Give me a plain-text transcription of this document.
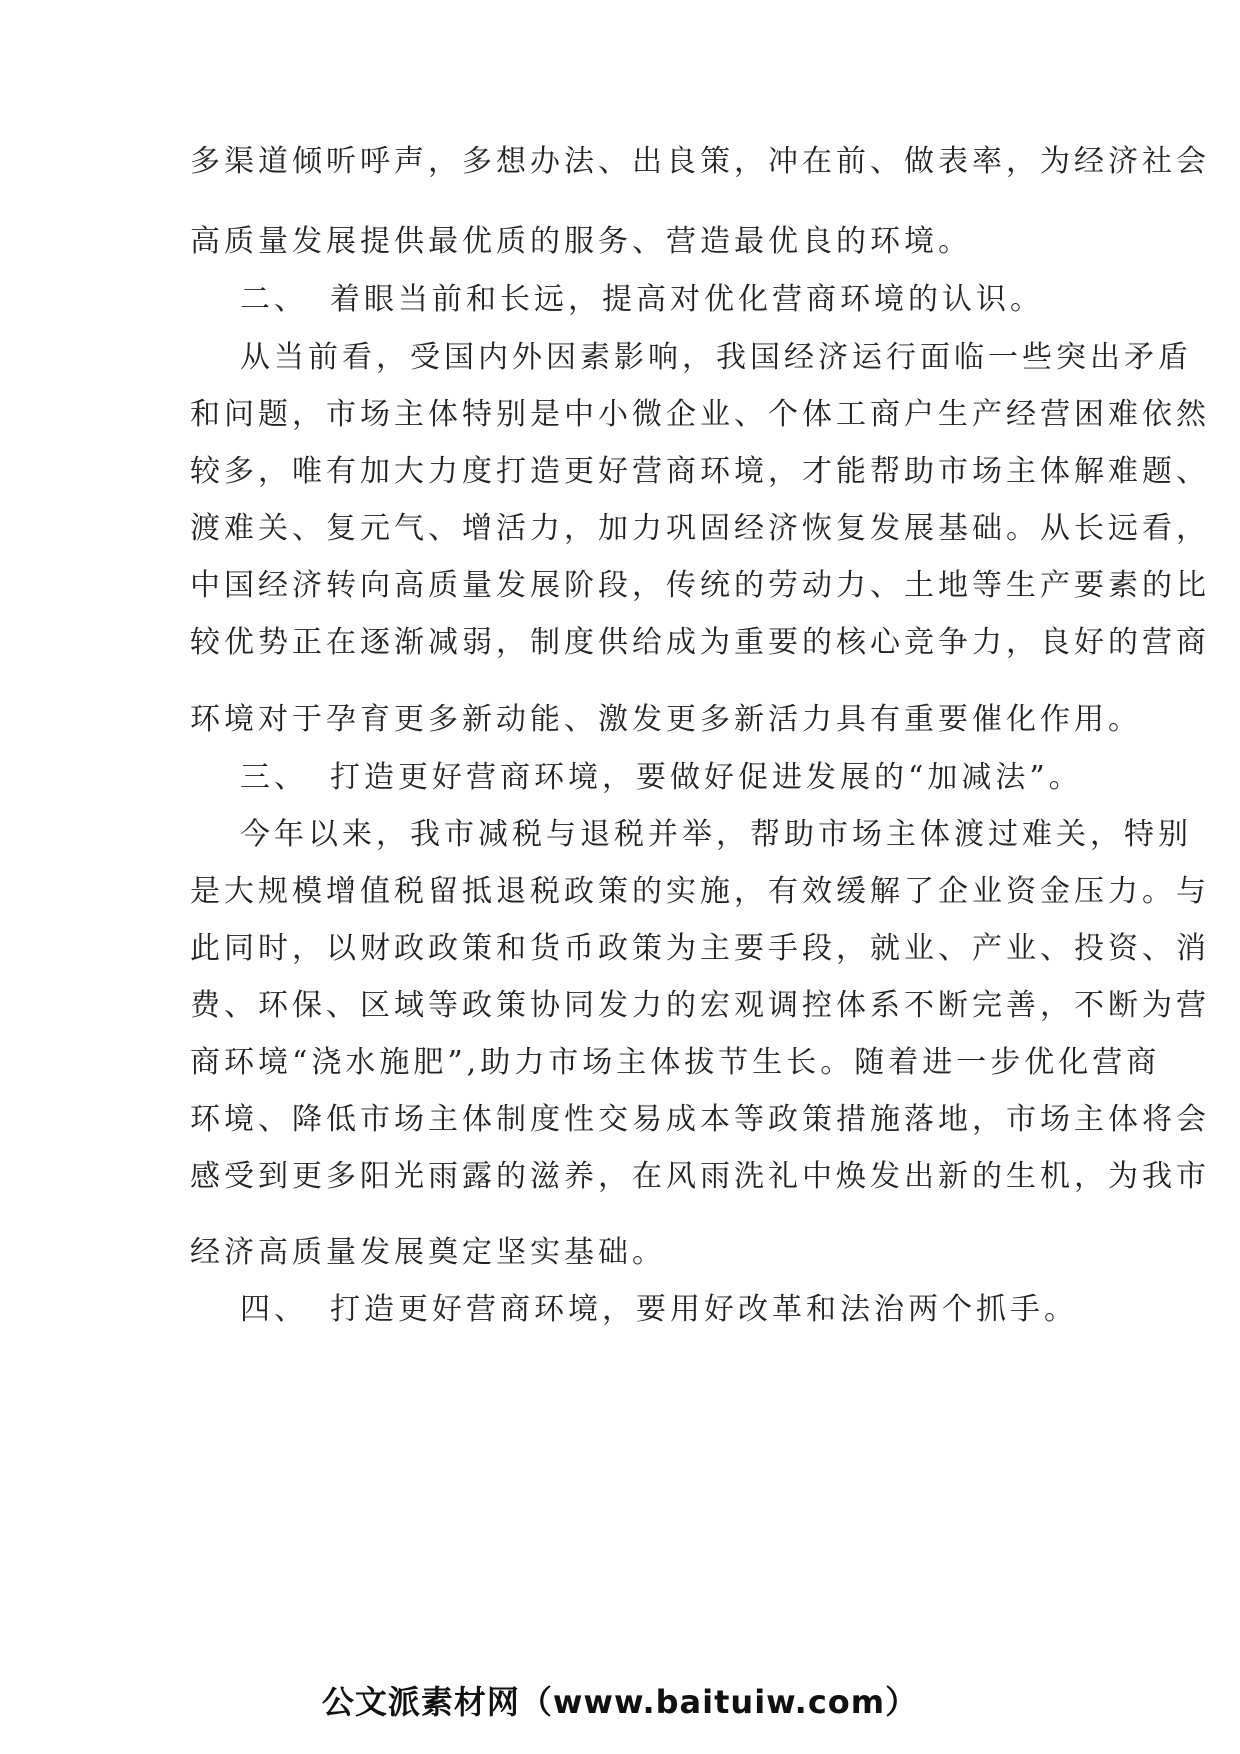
多渠道倾听呼声，多想办法、出良策，冲在前、做表率，为经济社会
高质量发展提供最优质的服务、营造最优良的环境。
二、 着眼当前和长远，提高对优化营商环境的认识。
从当前看，受国内外因素影响，我国经济运行面临一些突出矛盾
和问题，市场主体特别是中小微企业、个体工商户生产经营困难依然
较多，唯有加大力度打造更好营商环境，才能帮助市场主体解难题、
渡难关、复元气、增活力，加力巩固经济恢复发展基础。从长远看，
中国经济转向高质量发展阶段，传统的劳动力、土地等生产要素的比
较优势正在逐渐减弱，制度供给成为重要的核心竞争力，良好的营商
环境对于孕育更多新动能、激发更多新活力具有重要催化作用。
三、 打造更好营商环境，要做好促进发展的“加减法”。
今年以来，我市减税与退税并举，帮助市场主体渡过难关，特别
是大规模增值税留抵退税政策的实施，有效缓解了企业资金压力。与
此同时，以财政政策和货币政策为主要手段，就业、产业、投资、消
费、环保、区域等政策协同发力的宏观调控体系不断完善，不断为营
商环境“浇水施肥”,助力市场主体拔节生长。随着进一步优化营商
环境、降低市场主体制度性交易成本等政策措施落地，市场主体将会
感受到更多阳光雨露的滋养，在风雨洗礼中焕发出新的生机，为我市
经济高质量发展奠定坚实基础。
四、 打造更好营商环境，要用好改革和法治两个抓手。
公文派素材网（www.baituiw.com）
